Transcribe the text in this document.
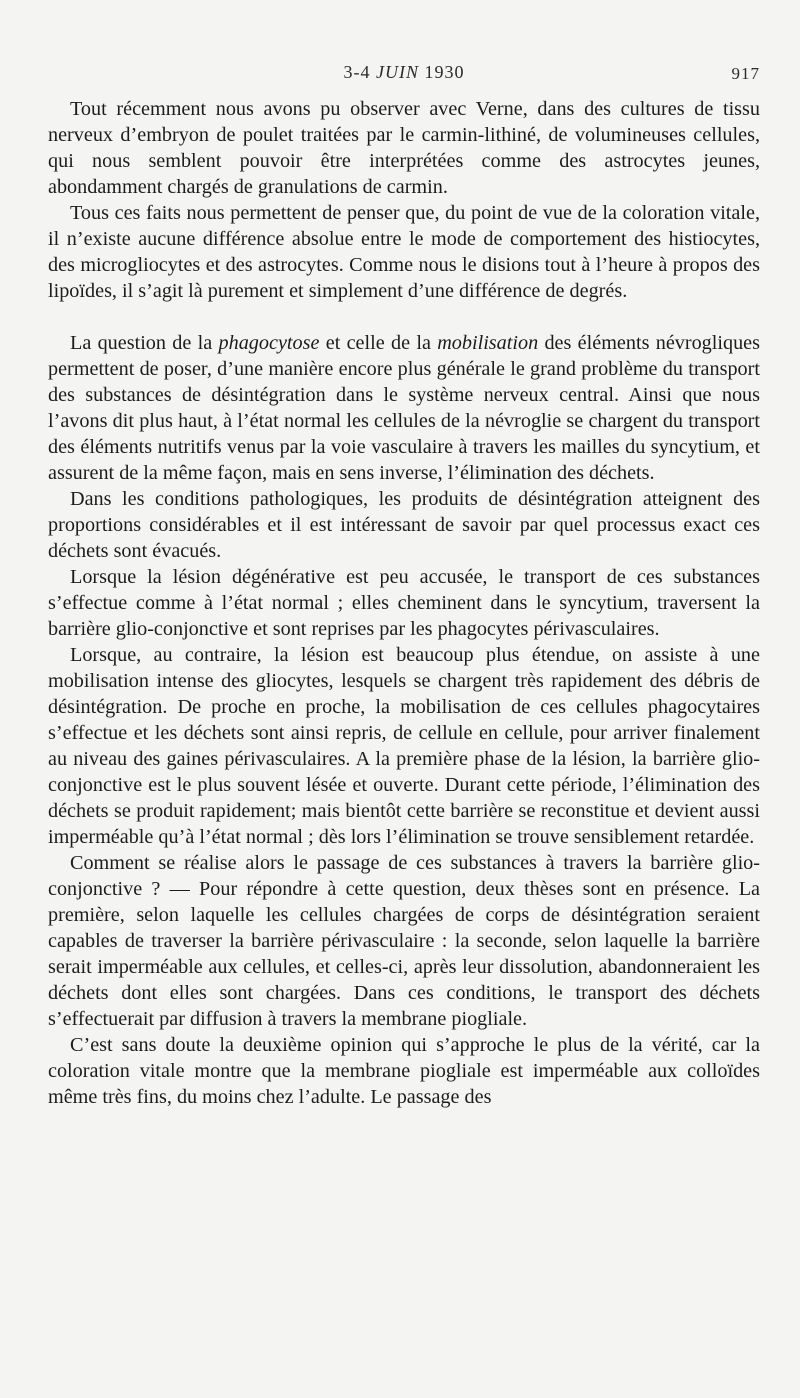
3-4 JUIN 1930	917

Tout récemment nous avons pu observer avec Verne, dans des cultures de tissu nerveux d’embryon de poulet traitées par le carmin-lithiné, de volumineuses cellules, qui nous semblent pouvoir être interprétées comme des astrocytes jeunes, abondamment chargés de granulations de carmin.

Tous ces faits nous permettent de penser que, du point de vue de la coloration vitale, il n’existe aucune différence absolue entre le mode de comportement des histiocytes, des microgliocytes et des astrocytes. Comme nous le disions tout à l’heure à propos des lipoïdes, il s’agit là purement et simplement d’une différence de degrés.

La question de la phagocytose et celle de la mobilisation des éléments névrogliques permettent de poser, d’une manière encore plus générale le grand problème du transport des substances de désintégration dans le système nerveux central. Ainsi que nous l’avons dit plus haut, à l’état normal les cellules de la névroglie se chargent du transport des éléments nutritifs venus par la voie vasculaire à travers les mailles du syncytium, et assurent de la même façon, mais en sens inverse, l’élimination des déchets.

Dans les conditions pathologiques, les produits de désintégration atteignent des proportions considérables et il est intéressant de savoir par quel processus exact ces déchets sont évacués.

Lorsque la lésion dégénérative est peu accusée, le transport de ces substances s’effectue comme à l’état normal ; elles cheminent dans le syncytium, traversent la barrière glio-conjonctive et sont reprises par les phagocytes périvasculaires.

Lorsque, au contraire, la lésion est beaucoup plus étendue, on assiste à une mobilisation intense des gliocytes, lesquels se chargent très rapidement des débris de désintégration. De proche en proche, la mobilisation de ces cellules phagocytaires s’effectue et les déchets sont ainsi repris, de cellule en cellule, pour arriver finalement au niveau des gaines périvasculaires. A la première phase de la lésion, la barrière glio-conjonctive est le plus souvent lésée et ouverte. Durant cette période, l’élimination des déchets se produit rapidement; mais bientôt cette barrière se reconstitue et devient aussi imperméable qu’à l’état normal ; dès lors l’élimination se trouve sensiblement retardée.

Comment se réalise alors le passage de ces substances à travers la barrière glio-conjonctive ? — Pour répondre à cette question, deux thèses sont en présence. La première, selon laquelle les cellules chargées de corps de désintégration seraient capables de traverser la barrière périvasculaire : la seconde, selon laquelle la barrière serait imperméable aux cellules, et celles-ci, après leur dissolution, abandonneraient les déchets dont elles sont chargées. Dans ces conditions, le transport des déchets s’effectuerait par diffusion à travers la membrane piogliale.

C’est sans doute la deuxième opinion qui s’approche le plus de la vérité, car la coloration vitale montre que la membrane piogliale est imperméable aux colloïdes même très fins, du moins chez l’adulte. Le passage des
